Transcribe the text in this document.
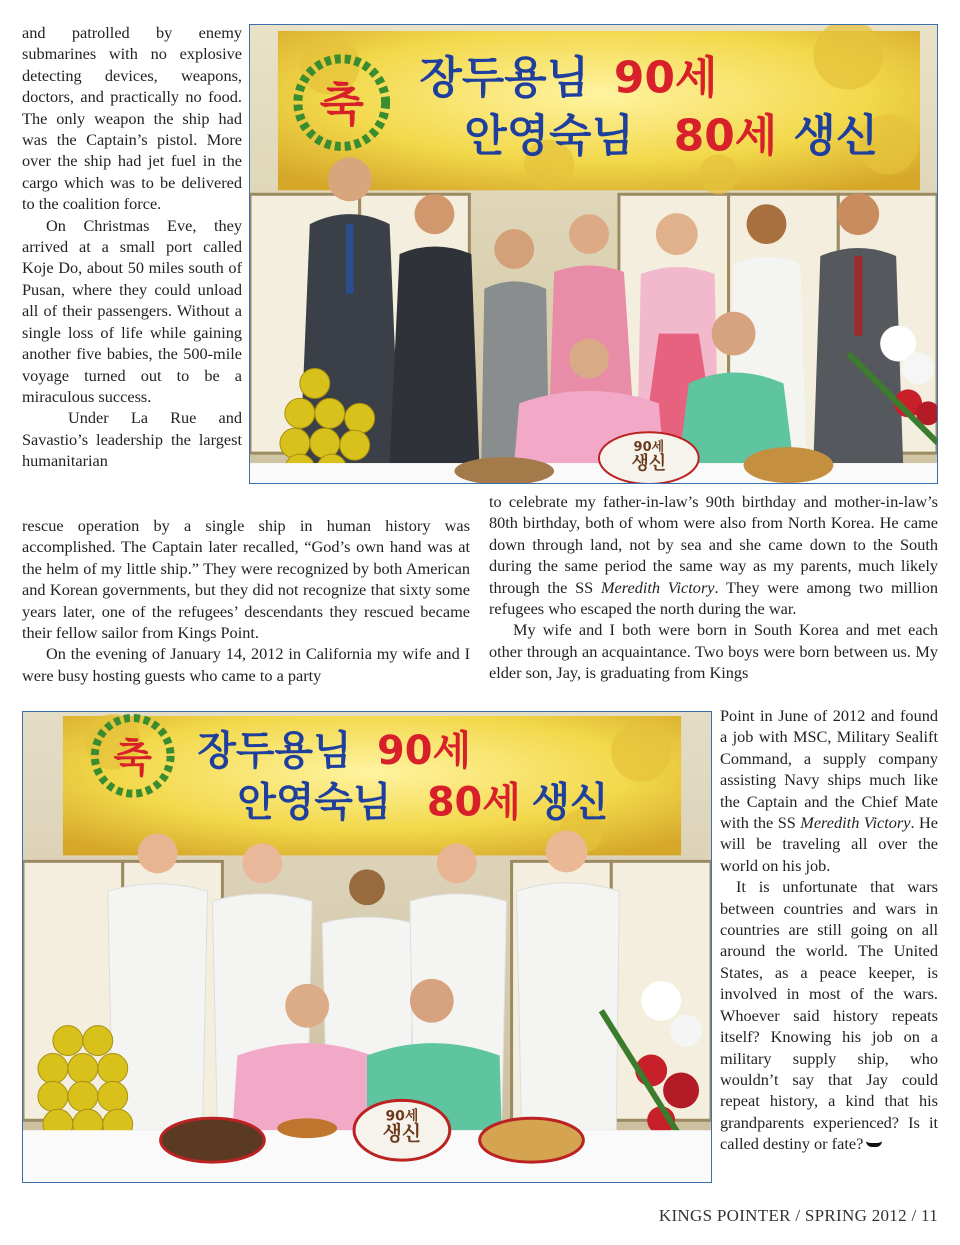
and patrolled by enemy submarines with no explosive detecting devices, weapons, doctors, and practically no food. The only weapon the ship had was the Captain’s pistol. More over the ship had jet fuel in the cargo which was to be delivered to the coalition force.

On Christmas Eve, they arrived at a small port called Koje Do, about 50 miles south of Pusan, where they could unload all of their passengers. Without a single loss of life while gaining another five babies, the 500-mile voyage turned out to be a miraculous success.

Under La Rue and Savastio’s leadership the largest humanitarian

축 장두용님 90세
안영숙님 80세 생신
90세
생신

rescue operation by a single ship in human history was accomplished. The Captain later recalled, “God’s own hand was at the helm of my little ship.” They were recognized by both American and Korean governments, but they did not recognize that sixty some years later, one of the refugees’ descendants they rescued became their fellow sailor from Kings Point.

On the evening of January 14, 2012 in California my wife and I were busy hosting guests who came to a party

to celebrate my father-in-law’s 90th birthday and mother-in-law’s 80th birthday, both of whom were also from North Korea. He came down through land, not by sea and she came down to the South during the same period the same way as my parents, much likely through the SS Meredith Victory. They were among two million refugees who escaped the north during the war.

My wife and I both were born in South Korea and met each other through an acquaintance. Two boys were born between us. My elder son, Jay, is graduating from Kings

축 장두용님 90세
안영숙님 80세 생신
90세
생신

Point in June of 2012 and found a job with MSC, Military Sealift Command, a supply company assisting Navy ships much like the Captain and the Chief Mate with the SS Meredith Victory. He will be traveling all over the world on his job.

It is unfortunate that wars between countries and wars in countries are still going on all around the world. The United States, as a peace keeper, is involved in most of the wars. Whoever said history repeats itself? Knowing his job on a military supply ship, who wouldn’t say that Jay could repeat history, a kind that his grandparents experienced? Is it called destiny or fate?

KINGS POINTER / SPRING 2012 / 11
